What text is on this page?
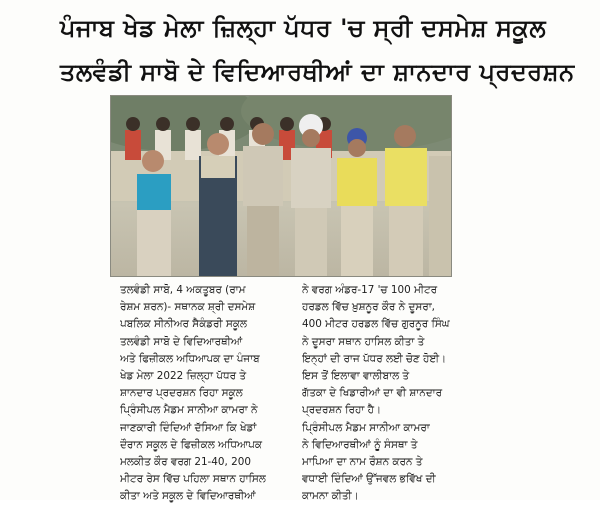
ਪੰਜਾਬ ਖੇਡ ਮੇਲਾ ਜ਼ਿਲ੍ਹਾ ਪੱਧਰ 'ਚ ਸ੍ਰੀ ਦਸਮੇਸ਼ ਸਕੂਲ
ਤਲਵੰਡੀ ਸਾਬੋ ਦੇ ਵਿਦਿਆਰਥੀਆਂ ਦਾ ਸ਼ਾਨਦਾਰ ਪ੍ਰਦਰਸ਼ਨ
ਤਲਵੰਡੀ ਸਾਬੋ, 4 ਅਕਤੂਬਰ (ਰਾਮ
ਰੇਸ਼ਮ ਸ਼ਰਨ)- ਸਥਾਨਕ ਸ਼੍ਰੀ ਦਸਮੇਸ਼
ਪਬਲਿਕ ਸੀਨੀਅਰ ਸੈਕੰਡਰੀ ਸਕੂਲ
ਤਲਵੰਡੀ ਸਾਬੋ ਦੇ ਵਿਦਿਆਰਥੀਆਂ
ਅਤੇ ਫਿਜ਼ੀਕਲ ਅਧਿਆਪਕ ਦਾ ਪੰਜਾਬ
ਖੇਡ ਮੇਲਾ 2022 ਜ਼ਿਲ੍ਹਾ ਪੱਧਰ ਤੇ
ਸ਼ਾਨਦਾਰ ਪ੍ਰਦਰਸ਼ਨ ਰਿਹਾ ਸਕੂਲ
ਪ੍ਰਿੰਸੀਪਲ ਮੈਡਮ ਸਾਨੀਆ ਕਾਮਰਾ ਨੇ
ਜਾਣਕਾਰੀ ਦਿੰਦਿਆਂ ਦੱਸਿਆ ਕਿ ਖੇਡਾਂ
ਦੌਰਾਨ ਸਕੂਲ ਦੇ ਫਿਜ਼ੀਕਲ ਅਧਿਆਪਕ
ਮਲਕੀਤ ਕੌਰ ਵਰਗ 21-40, 200
ਮੀਟਰ ਰੇਸ ਵਿੱਚ ਪਹਿਲਾ ਸਥਾਨ ਹਾਸਿਲ
ਕੀਤਾ ਅਤੇ ਸਕੂਲ ਦੇ ਵਿਦਿਆਰਥੀਆਂ
ਨੇ ਵਰਗ ਅੰਡਰ-17 'ਚ 100 ਮੀਟਰ
ਹਰਡਲ ਵਿੱਚ ਖ਼ੁਸ਼ਨੂਰ ਕੌਰ ਨੇ ਦੂਸਰਾ,
400 ਮੀਟਰ ਹਰਡਲ ਵਿੱਚ ਗੁਰਨੂਰ ਸਿੰਘ
ਨੇ ਦੂਸਰਾ ਸਥਾਨ ਹਾਸਿਲ ਕੀਤਾ ਤੇ
ਇਨ੍ਹਾਂ ਦੀ ਰਾਜ ਪੱਧਰ ਲਈ ਚੋਣ ਹੋਈ।
ਇਸ ਤੋਂ ਇਲਾਵਾ ਵਾਲੀਬਾਲ ਤੇ
ਗੱਤਕਾ ਦੇ ਖਿਡਾਰੀਆਂ ਦਾ ਵੀ ਸ਼ਾਨਦਾਰ
ਪ੍ਰਦਰਸ਼ਨ ਰਿਹਾ ਹੈ।
ਪ੍ਰਿੰਸੀਪਲ ਮੈਡਮ ਸਾਨੀਆ ਕਾਮਰਾ
ਨੇ ਵਿਦਿਆਰਥੀਆਂ ਨੂੰ ਸੰਸਥਾ ਤੇ
ਮਾਪਿਆ ਦਾ ਨਾਮ ਰੌਸ਼ਨ ਕਰਨ ਤੇ
ਵਧਾਈ ਦਿੰਦਿਆਂ ਉੱਜਵਲ ਭਵਿੱਖ ਦੀ
ਕਾਮਨਾ ਕੀਤੀ।
